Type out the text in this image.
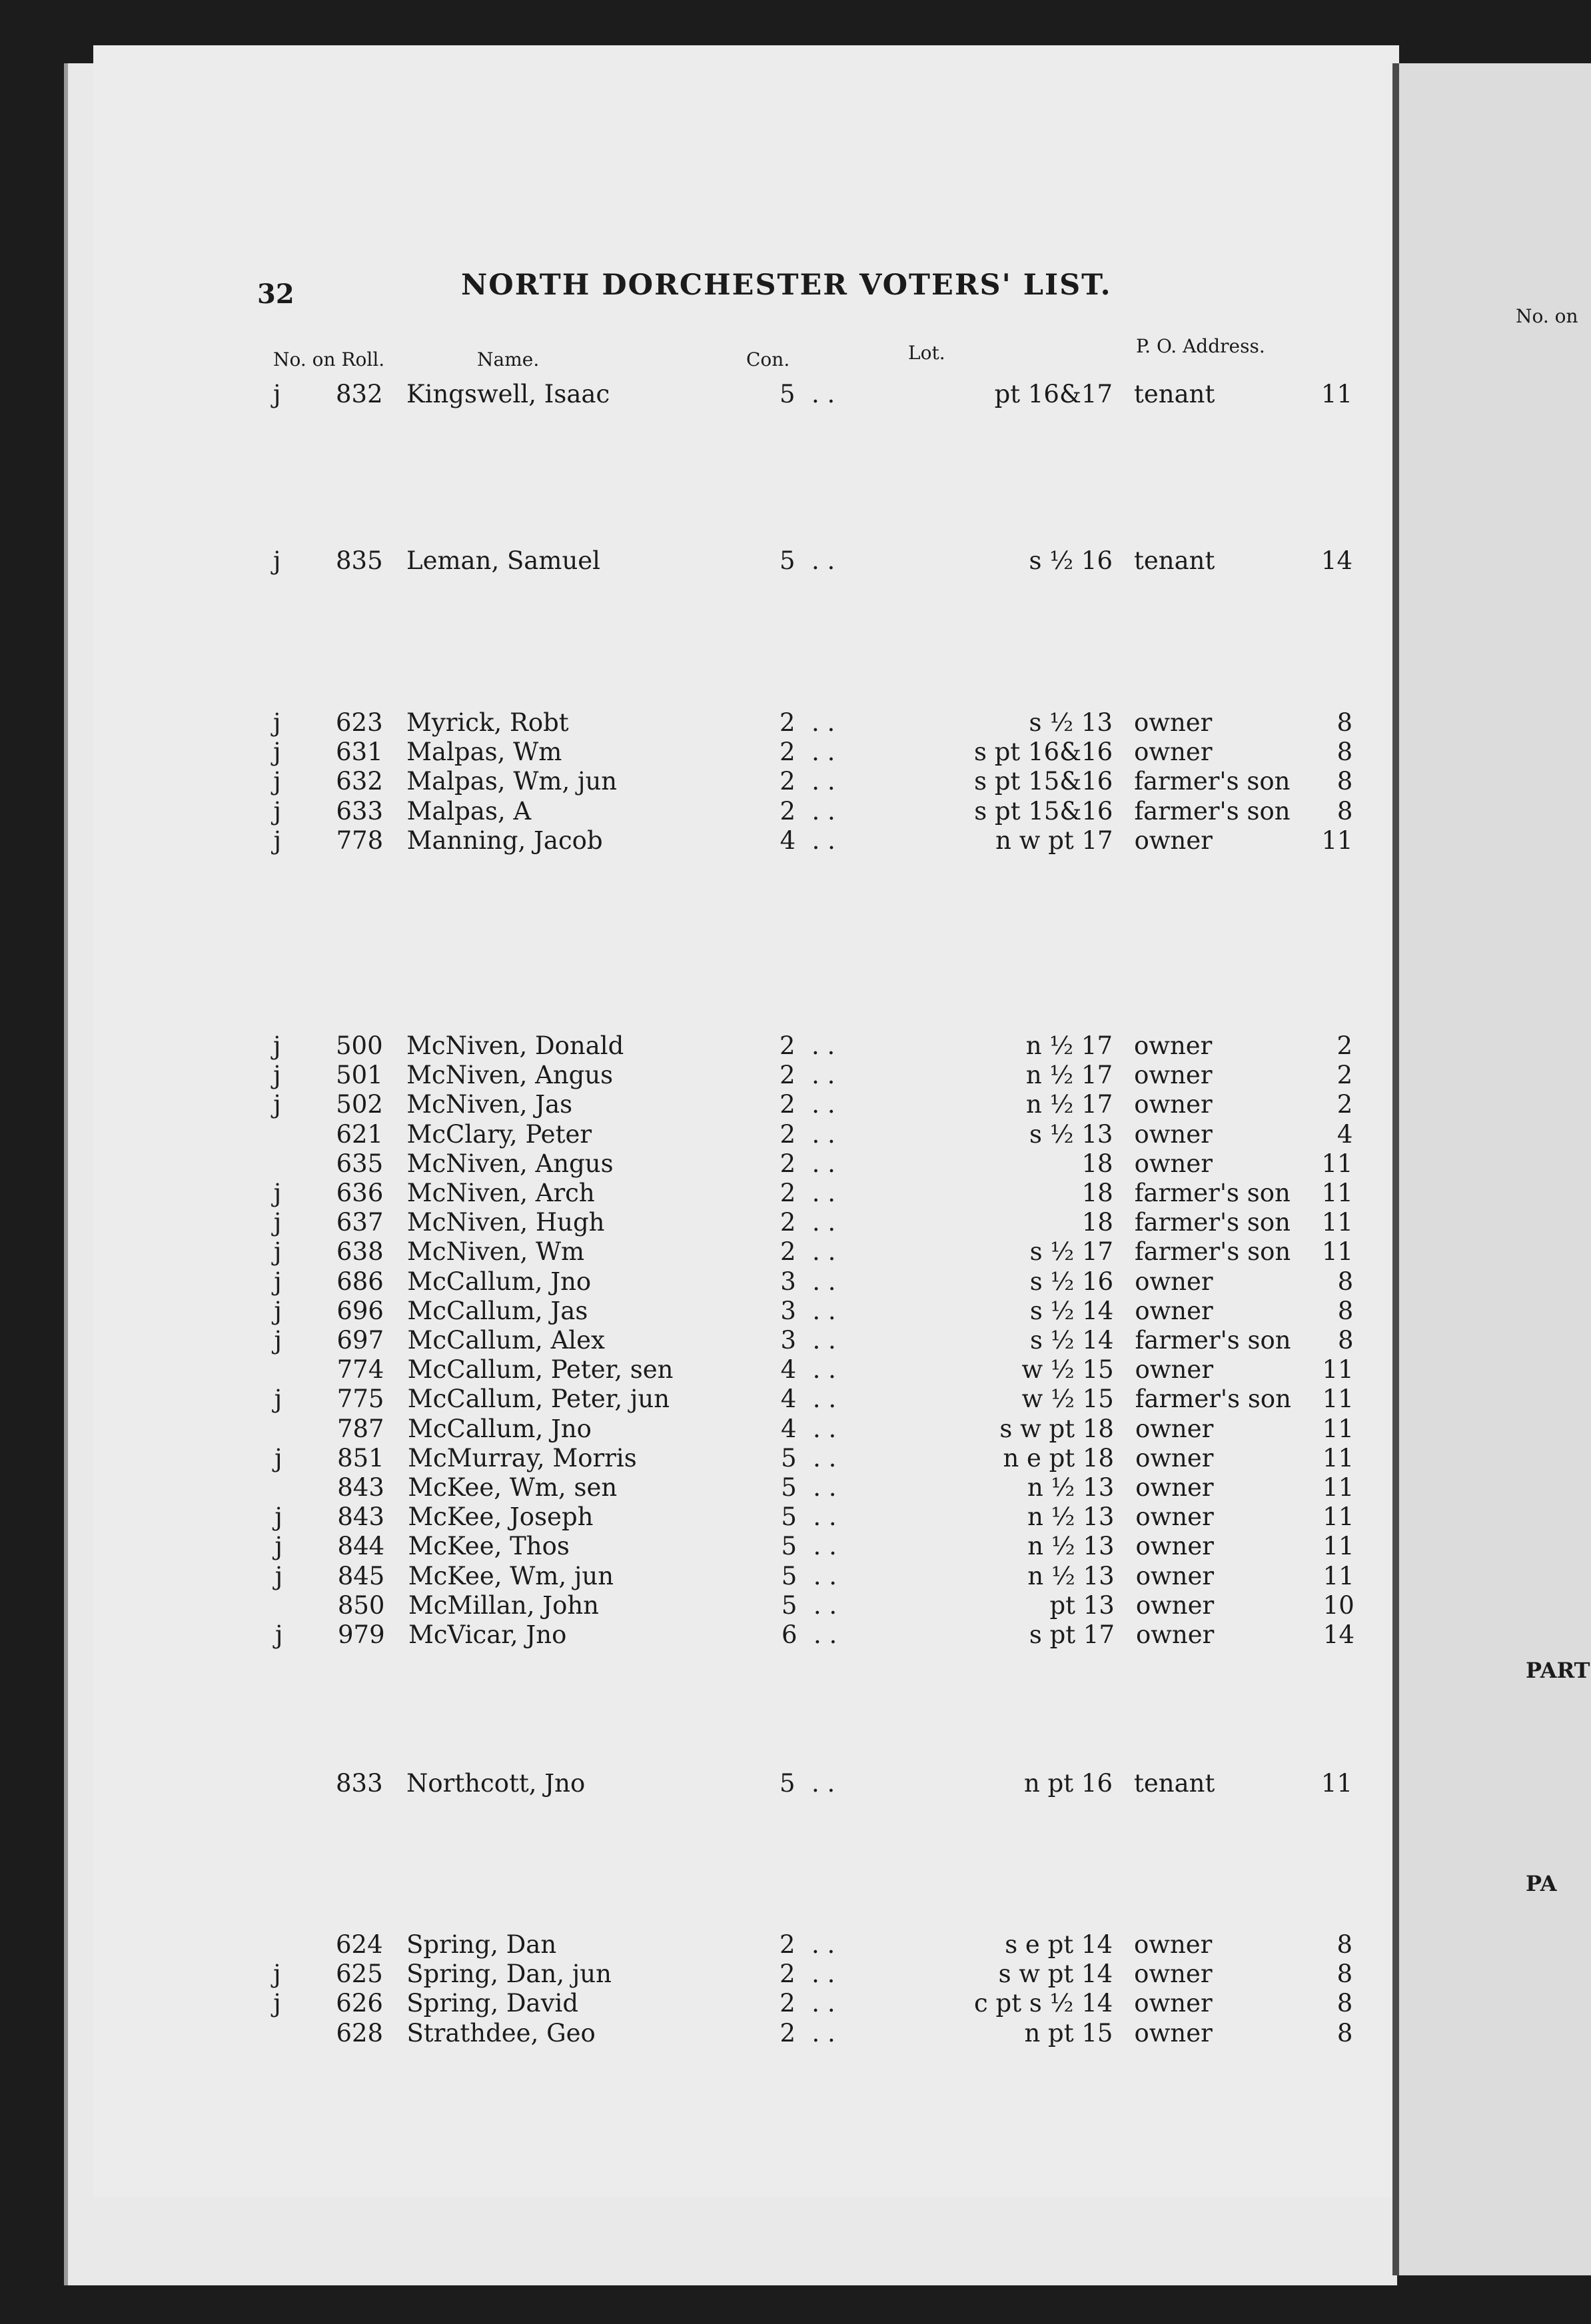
32	NORTH DORCHESTER VOTERS' LIST.
No. on Roll.	Name.	Con.	Lot.	P. O. Address.
j	832 Kingswell, Isaac	5 . .	pt 16&17 tenant	11
j	835 Leman, Samuel	5 . .	s ½ 16 tenant	14
j	623 Myrick, Robt	2 . .	s ½ 13 owner	8
j	631 Malpas, Wm	2 . .	s pt 16&16 owner	8
j	632 Malpas, Wm, jun	2 . .	s pt 15&16 farmer's son	8
j	633 Malpas, A	2 . .	s pt 15&16 farmer's son	8
j	778 Manning, Jacob	4 . .	n w pt 17 owner	11
j	500 McNiven, Donald	2 . .	n ½ 17 owner	2
j	501 McNiven, Angus	2 . .	n ½ 17 owner	2
j	502 McNiven, Jas	2 . .	n ½ 17 owner	2
621 McClary, Peter	2 . .	s ½ 13 owner	4
635 McNiven, Angus	2 . .	18 owner	11
j	636 McNiven, Arch	2 . .	18 farmer's son	11
j	637 McNiven, Hugh	2 . .	18 farmer's son	11
j	638 McNiven, Wm	2 . .	s ½ 17 farmer's son	11
j	686 McCallum, Jno	3 . .	s ½ 16 owner	8
j	696 McCallum, Jas	3 . .	s ½ 14 owner	8
j	697 McCallum, Alex	3 . .	s ½ 14 farmer's son	8
774 McCallum, Peter, sen	4 . .	w ½ 15 owner	11
j	775 McCallum, Peter, jun	4 . .	w ½ 15 farmer's son	11
787 McCallum, Jno	4 . .	s w pt 18 owner	11
j	851 McMurray, Morris	5 . .	n e pt 18 owner	11
843 McKee, Wm, sen	5 . .	n ½ 13 owner	11
j	843 McKee, Joseph	5 . .	n ½ 13 owner	11
j	844 McKee, Thos	5 . .	n ½ 13 owner	11
j	845 McKee, Wm, jun	5 . .	n ½ 13 owner	11
850 McMillan, John	5 . .	pt 13 owner	10
j	979 McVicar, Jno	6 . .	s pt 17 owner	14
833 Northcott, Jno	5 . .	n pt 16 tenant	11
624 Spring, Dan	2 . .	s e pt 14 owner	8
j	625 Spring, Dan, jun	2 . .	s w pt 14 owner	8
j	626 Spring, David	2 . .	c pt s ½ 14 owner	8
628 Strathdee, Geo	2 . .	n pt 15 owner	8
No. on
PART
PA
